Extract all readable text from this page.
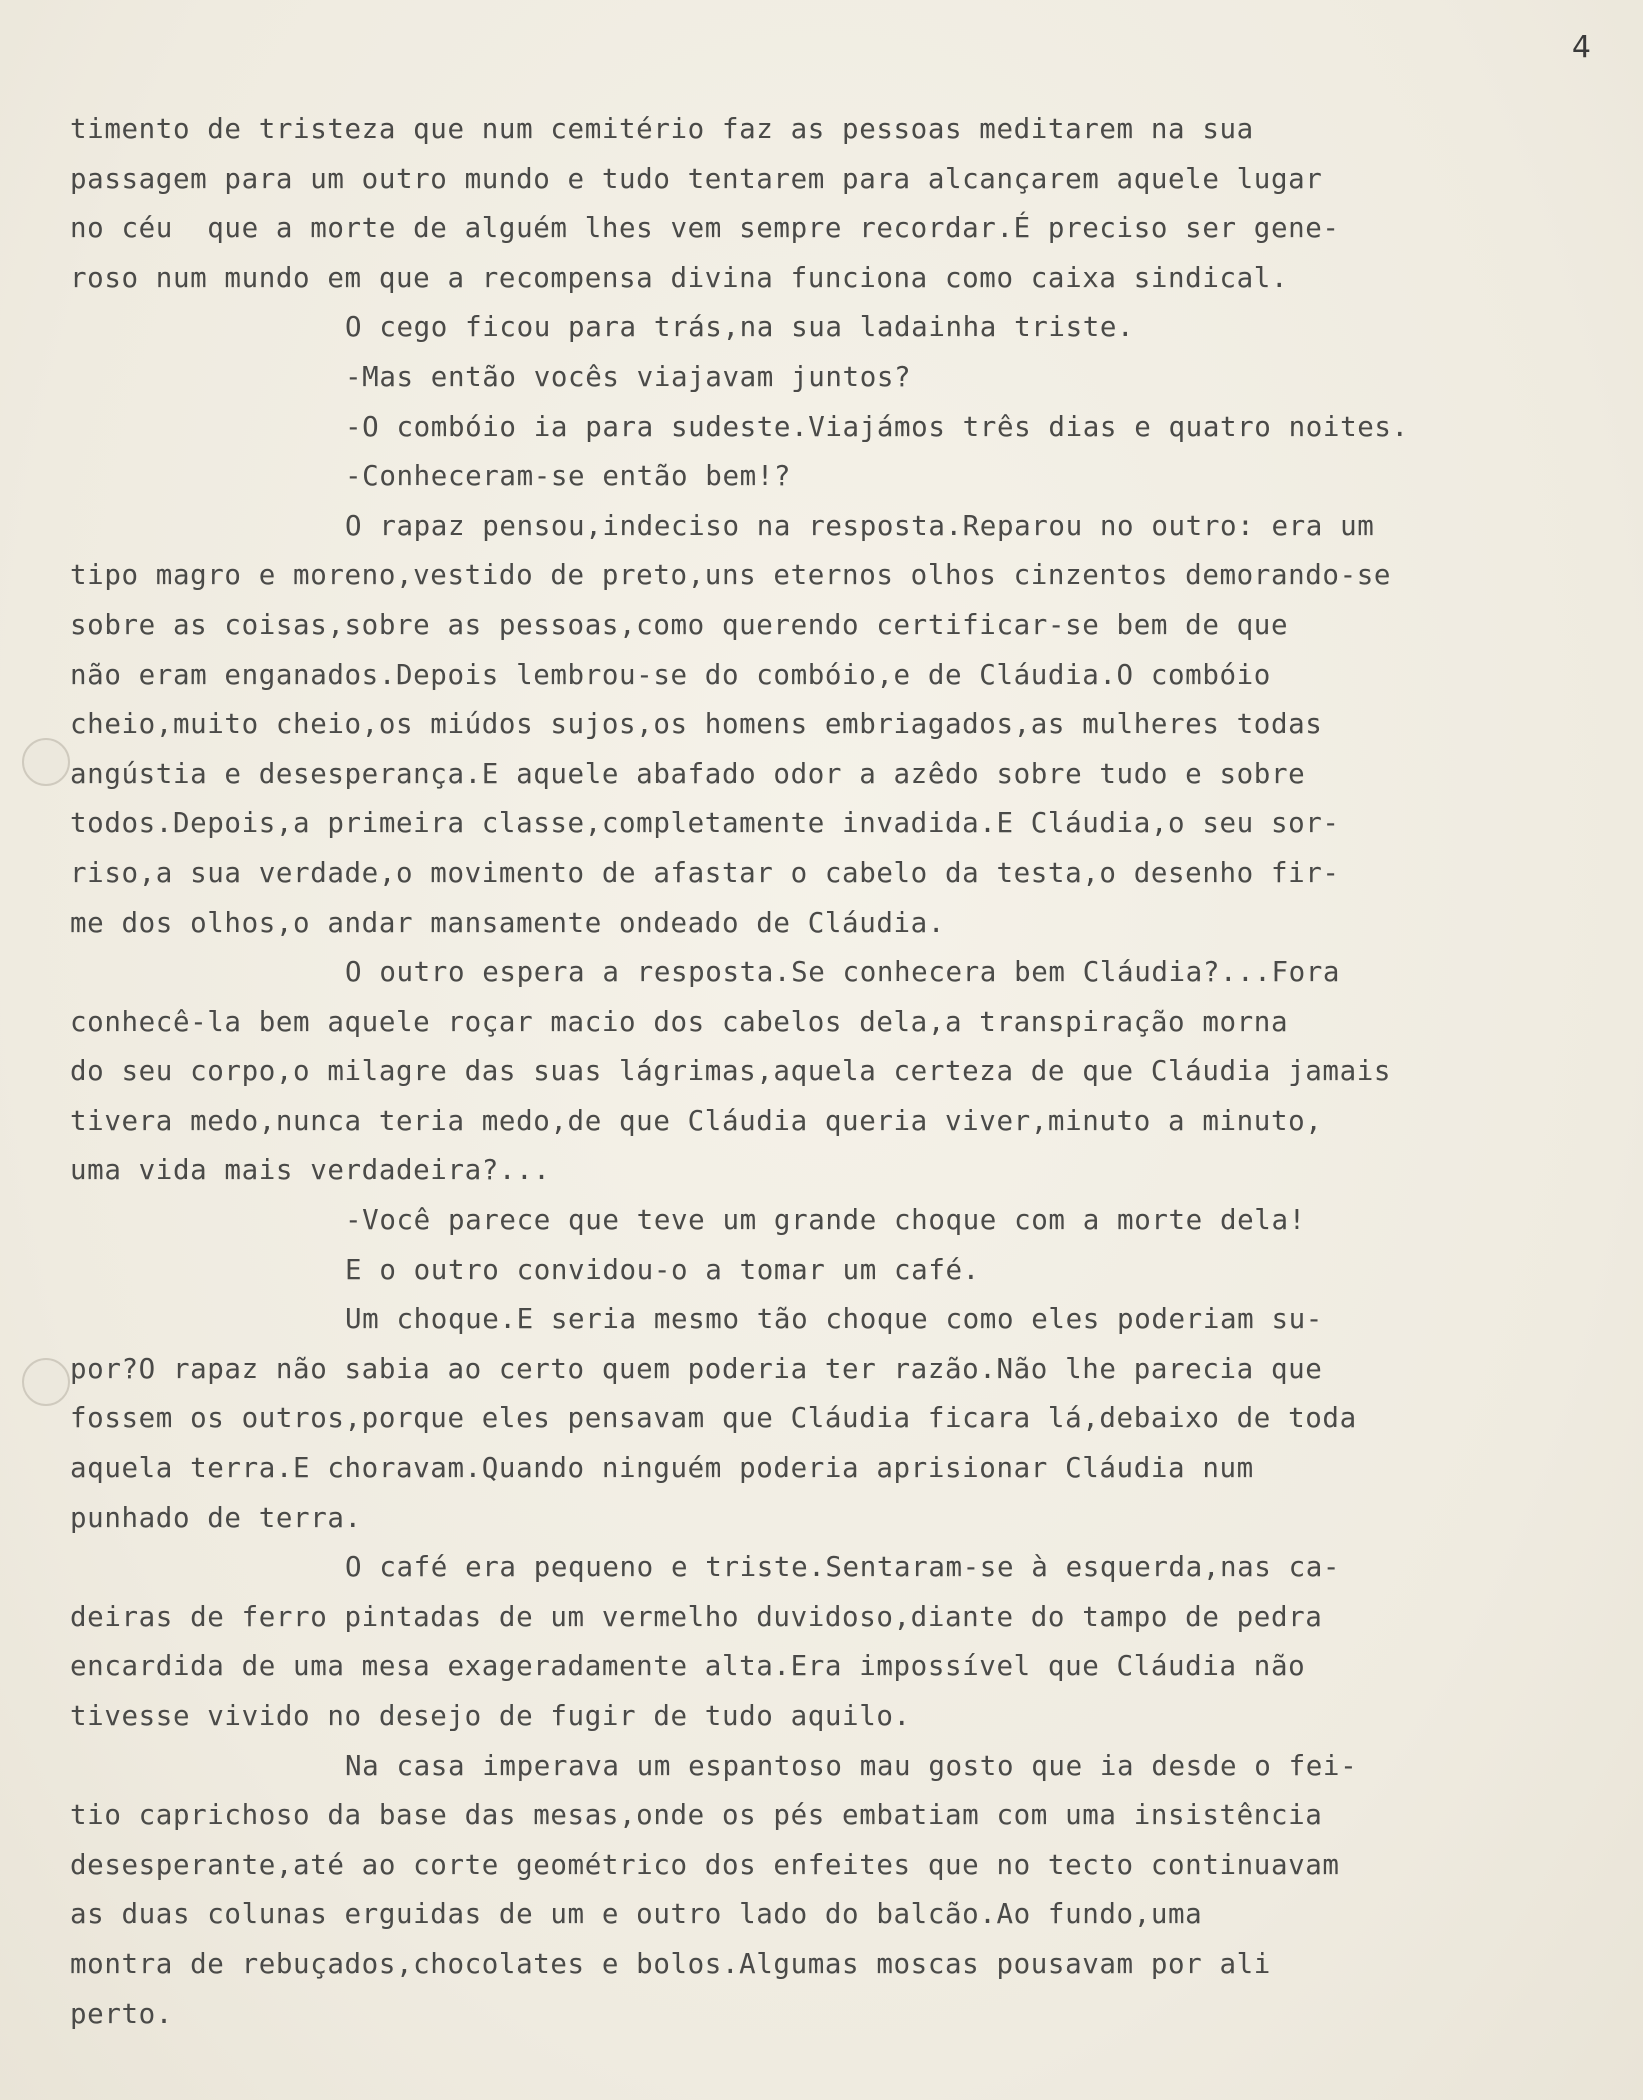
4
timento de tristeza que num cemitério faz as pessoas meditarem na sua
passagem para um outro mundo e tudo tentarem para alcançarem aquele lugar
no céu  que a morte de alguém lhes vem sempre recordar.É preciso ser gene-
roso num mundo em que a recompensa divina funciona como caixa sindical.
O cego ficou para trás,na sua ladainha triste.
-Mas então vocês viajavam juntos?
-O combóio ia para sudeste.Viajámos três dias e quatro noites.
-Conheceram-se então bem!?
O rapaz pensou,indeciso na resposta.Reparou no outro: era um
tipo magro e moreno,vestido de preto,uns eternos olhos cinzentos demorando-se
sobre as coisas,sobre as pessoas,como querendo certificar-se bem de que
não eram enganados.Depois lembrou-se do combóio,e de Cláudia.O combóio
cheio,muito cheio,os miúdos sujos,os homens embriagados,as mulheres todas
angústia e desesperança.E aquele abafado odor a azêdo sobre tudo e sobre
todos.Depois,a primeira classe,completamente invadida.E Cláudia,o seu sor-
riso,a sua verdade,o movimento de afastar o cabelo da testa,o desenho fir-
me dos olhos,o andar mansamente ondeado de Cláudia.
O outro espera a resposta.Se conhecera bem Cláudia?...Fora
conhecê-la bem aquele roçar macio dos cabelos dela,a transpiração morna
do seu corpo,o milagre das suas lágrimas,aquela certeza de que Cláudia jamais
tivera medo,nunca teria medo,de que Cláudia queria viver,minuto a minuto,
uma vida mais verdadeira?...
-Você parece que teve um grande choque com a morte dela!
E o outro convidou-o a tomar um café.
Um choque.E seria mesmo tão choque como eles poderiam su-
por?O rapaz não sabia ao certo quem poderia ter razão.Não lhe parecia que
fossem os outros,porque eles pensavam que Cláudia ficara lá,debaixo de toda
aquela terra.E choravam.Quando ninguém poderia aprisionar Cláudia num
punhado de terra.
O café era pequeno e triste.Sentaram-se à esquerda,nas ca-
deiras de ferro pintadas de um vermelho duvidoso,diante do tampo de pedra
encardida de uma mesa exageradamente alta.Era impossível que Cláudia não
tivesse vivido no desejo de fugir de tudo aquilo.
Na casa imperava um espantoso mau gosto que ia desde o fei-
tio caprichoso da base das mesas,onde os pés embatiam com uma insistência
desesperante,até ao corte geométrico dos enfeites que no tecto continuavam
as duas colunas erguidas de um e outro lado do balcão.Ao fundo,uma
montra de rebuçados,chocolates e bolos.Algumas moscas pousavam por ali
perto.
